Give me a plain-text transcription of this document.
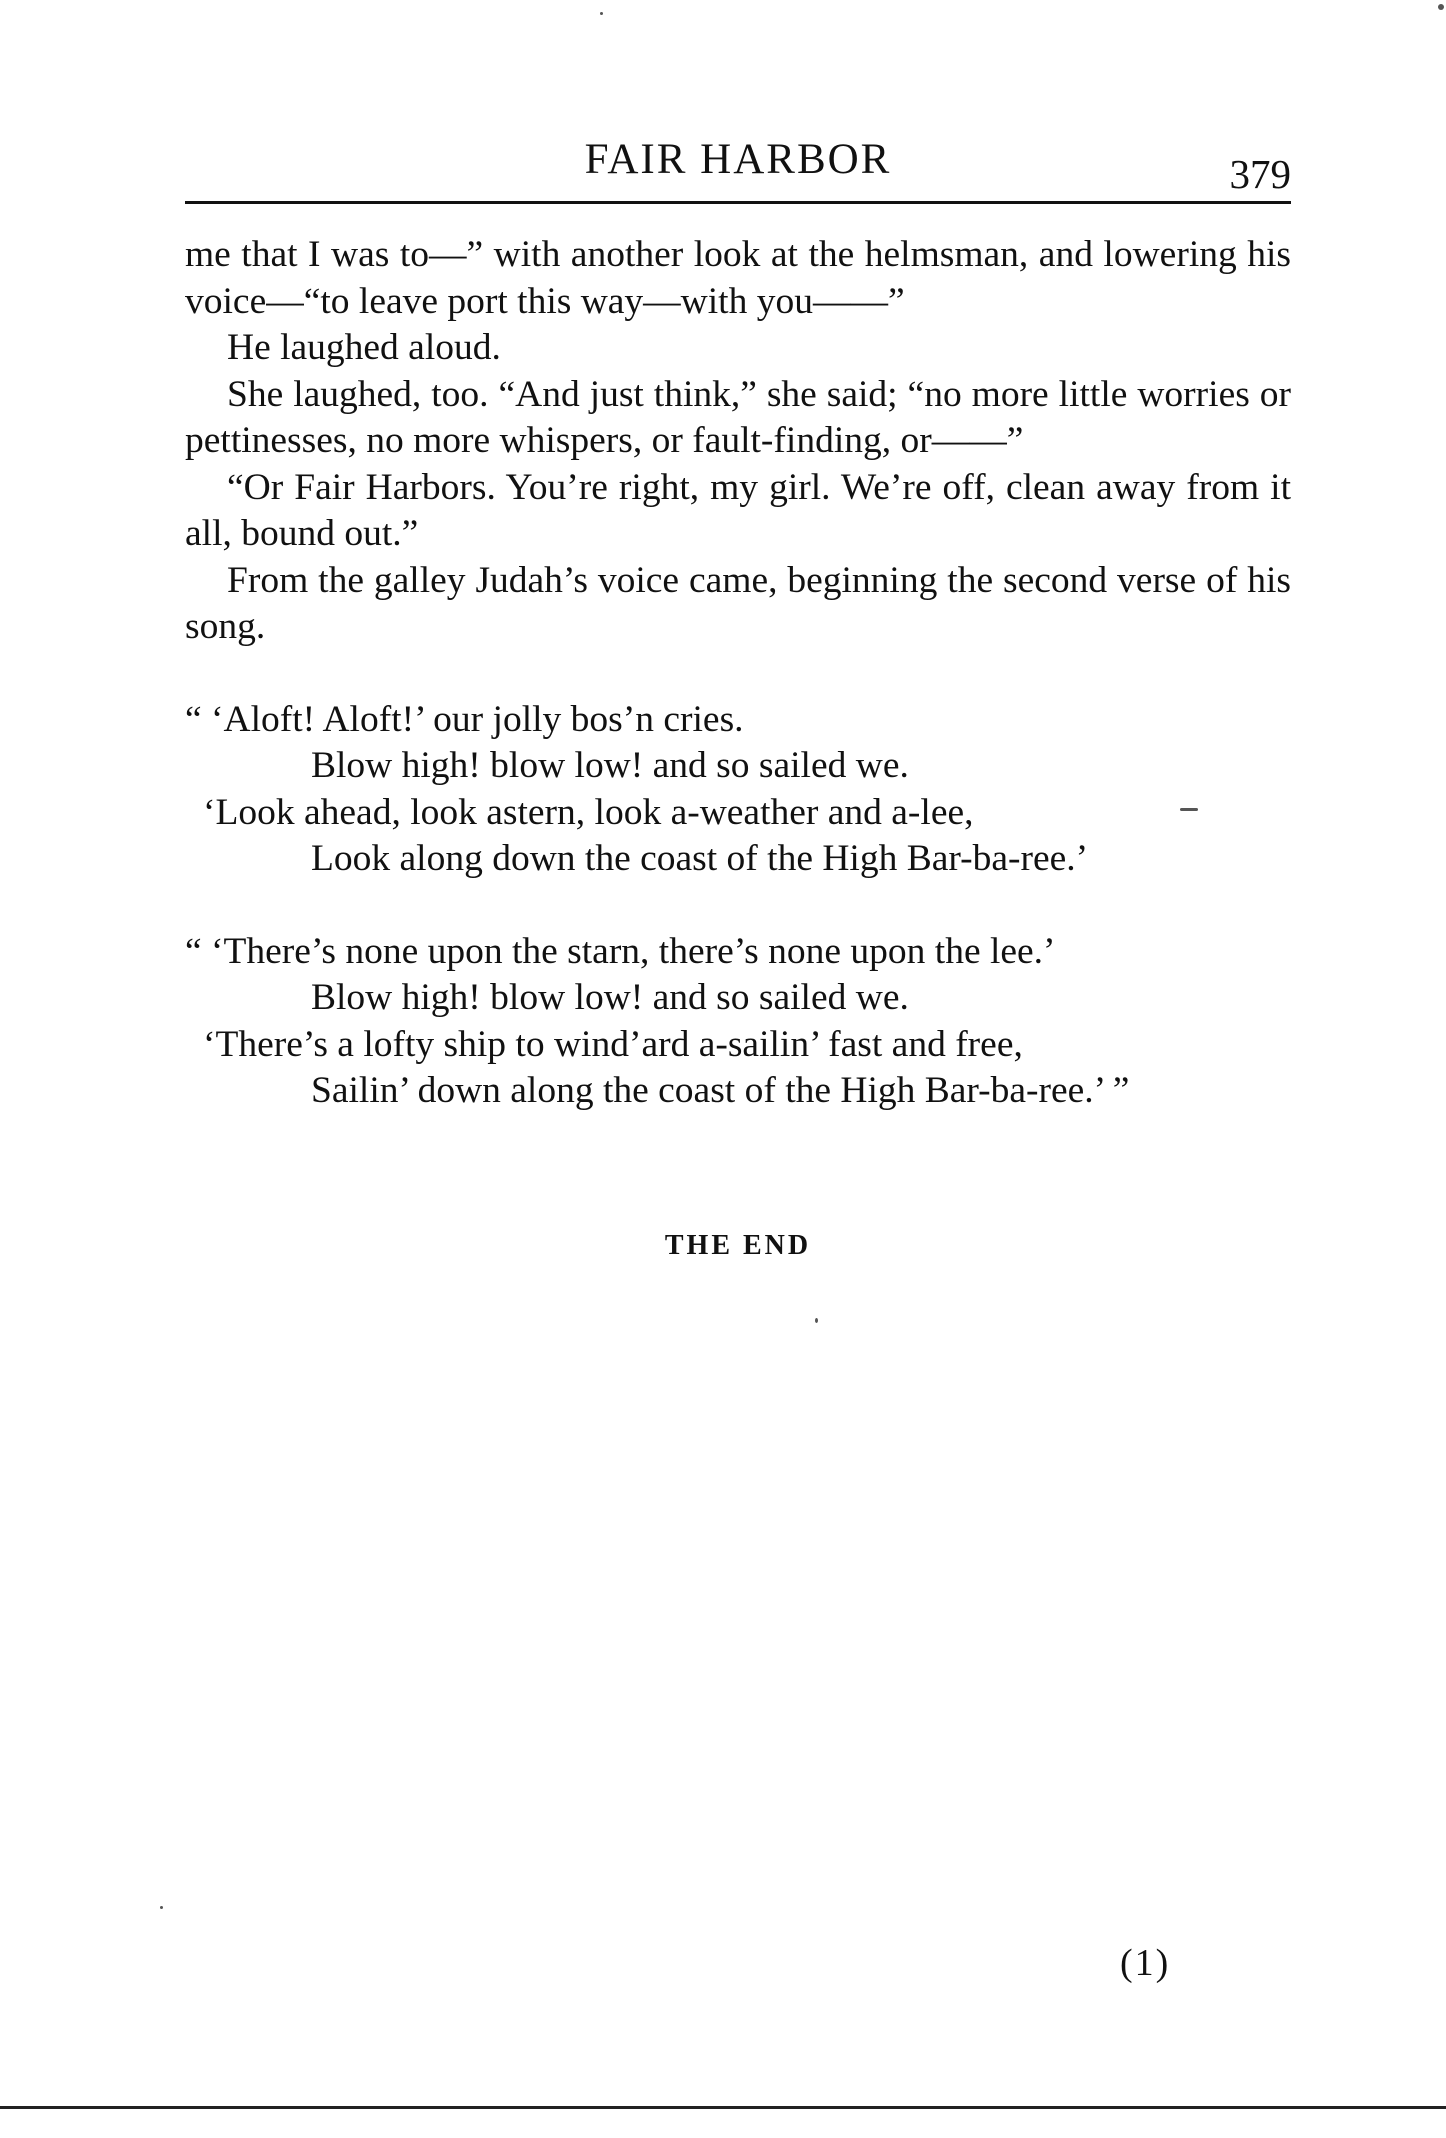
FAIR HARBOR	379

me that I was to—” with another look at the helmsman, and lowering his voice—“to leave port this way—with you——”

He laughed aloud.

She laughed, too. “And just think,” she said; “no more little worries or pettinesses, no more whispers, or fault-finding, or——”

“Or Fair Harbors. You’re right, my girl. We’re off, clean away from it all, bound out.”

From the galley Judah’s voice came, beginning the second verse of his song.

“ ‘Aloft! Aloft!’ our jolly bos’n cries.
Blow high! blow low! and so sailed we.
‘Look ahead, look astern, look a-weather and a-lee,
Look along down the coast of the High Bar-ba-ree.’
“ ‘There’s none upon the starn, there’s none upon the lee.’
Blow high! blow low! and so sailed we.
‘There’s a lofty ship to wind’ard a-sailin’ fast and free,
Sailin’ down along the coast of the High Bar-ba-ree.’ ”
THE END
(1)
